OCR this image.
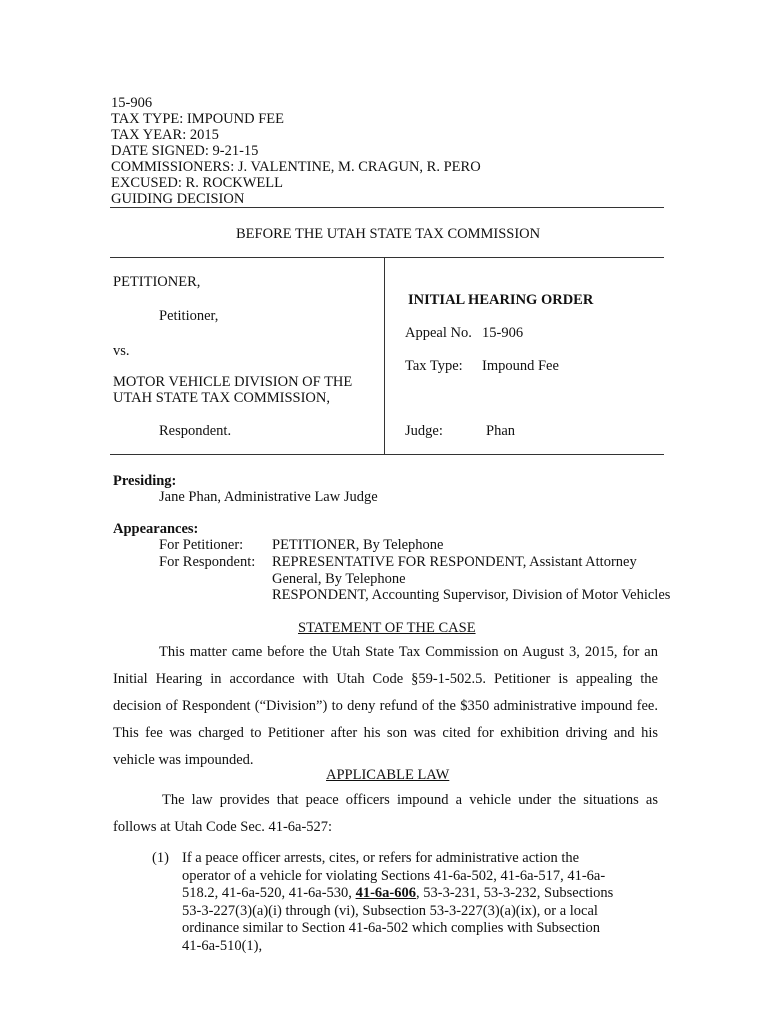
15-906
TAX TYPE: IMPOUND FEE
TAX YEAR: 2015
DATE SIGNED: 9-21-15
COMMISSIONERS: J. VALENTINE, M. CRAGUN, R. PERO
EXCUSED: R. ROCKWELL
GUIDING DECISION
BEFORE THE UTAH STATE TAX COMMISSION
PETITIONER,
Petitioner,
vs.
MOTOR VEHICLE DIVISION OF THE
UTAH STATE TAX COMMISSION,
Respondent.
INITIAL HEARING ORDER
Appeal No. 15-906
Tax Type: Impound Fee
Judge:	Phan
Presiding:
Jane Phan, Administrative Law Judge
Appearances:
For Petitioner: PETITIONER, By Telephone
For Respondent: REPRESENTATIVE FOR RESPONDENT, Assistant Attorney
General, By Telephone
RESPONDENT, Accounting Supervisor, Division of Motor Vehicles
STATEMENT OF THE CASE
This matter came before the Utah State Tax Commission on August 3, 2015, for an Initial Hearing in accordance with Utah Code §59-1-502.5. Petitioner is appealing the decision of Respondent (“Division”) to deny refund of the $350 administrative impound fee. This fee was charged to Petitioner after his son was cited for exhibition driving and his vehicle was impounded.
APPLICABLE LAW
The law provides that peace officers impound a vehicle under the situations as follows at Utah Code Sec. 41-6a-527:
(1) If a peace officer arrests, cites, or refers for administrative action the operator of a vehicle for violating Sections 41-6a-502, 41-6a-517, 41-6a-518.2, 41-6a-520, 41-6a-530, 41-6a-606, 53-3-231, 53-3-232, Subsections 53-3-227(3)(a)(i) through (vi), Subsection 53-3-227(3)(a)(ix), or a local ordinance similar to Section 41-6a-502 which complies with Subsection 41-6a-510(1),
